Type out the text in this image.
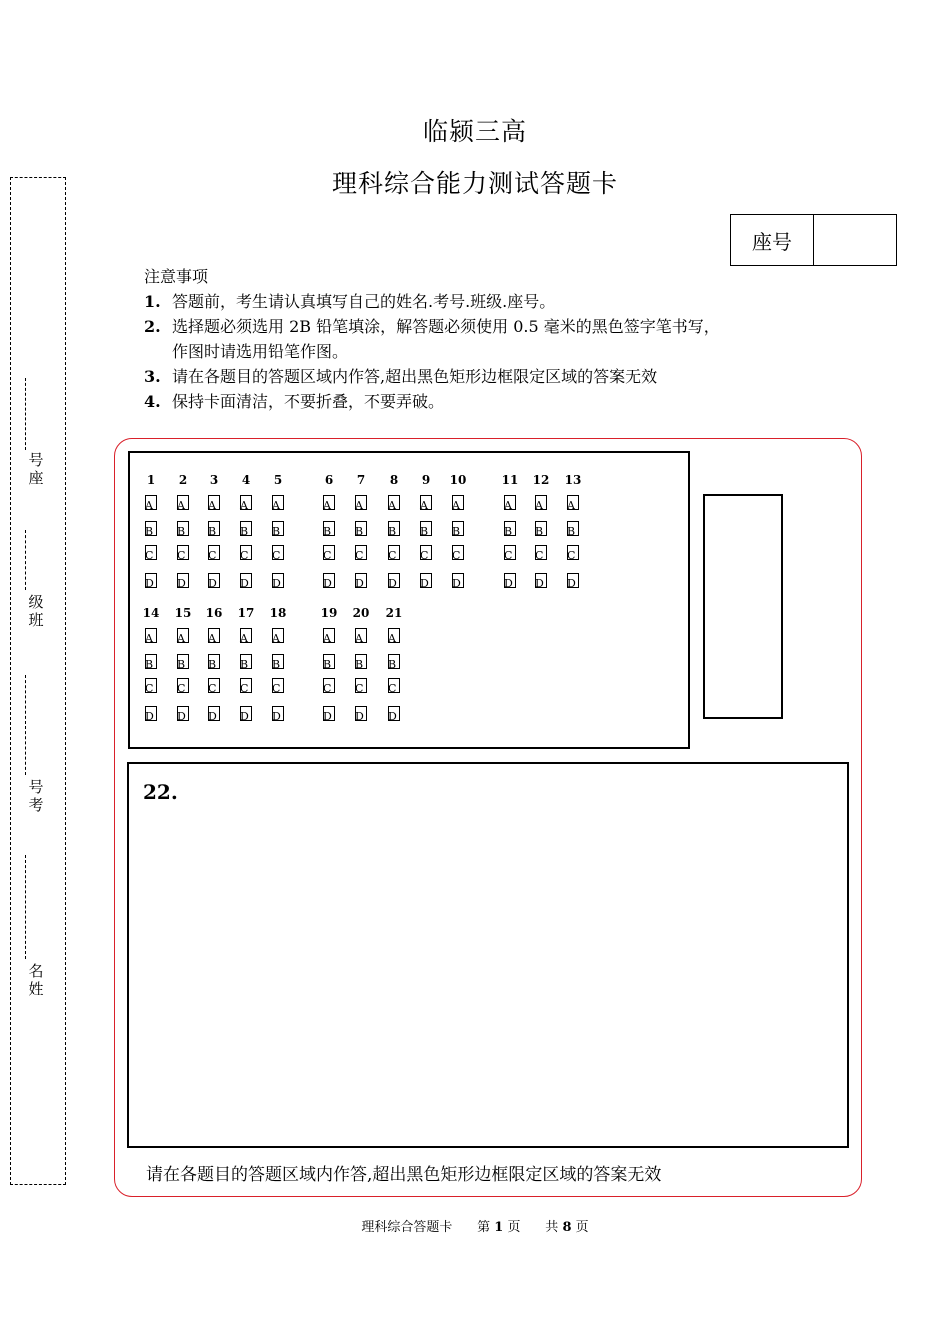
临颍三高
理科综合能力测试答题卡
座号
注意事项
1. 答题前，考生请认真填写自己的姓名.考号.班级.座号。
2. 选择题必须选用 2B 铅笔填涂，解答题必须使用 0.5 毫米的黑色签字笔书写，
作图时请选用铅笔作图。
3. 请在各题目的答题区域内作答,超出黑色矩形边框限定区域的答案无效
4. 保持卡面清洁，不要折叠，不要弄破。
号
座
级
班
号
考
名
姓
1
A
B
C
D
2
A
B
C
D
3
A
B
C
D
4
A
B
C
D
5
A
B
C
D
6
A
B
C
D
7
A
B
C
D
8
A
B
C
D
9
A
B
C
D
10
A
B
C
D
11
A
B
C
D
12
A
B
C
D
13
A
B
C
D
14
A
B
C
D
15
A
B
C
D
16
A
B
C
D
17
A
B
C
D
18
A
B
C
D
19
A
B
C
D
20
A
B
C
D
21
A
B
C
D
22.
请在各题目的答题区域内作答,超出黑色矩形边框限定区域的答案无效
理科综合答题卡 第 1 页 共 8 页
